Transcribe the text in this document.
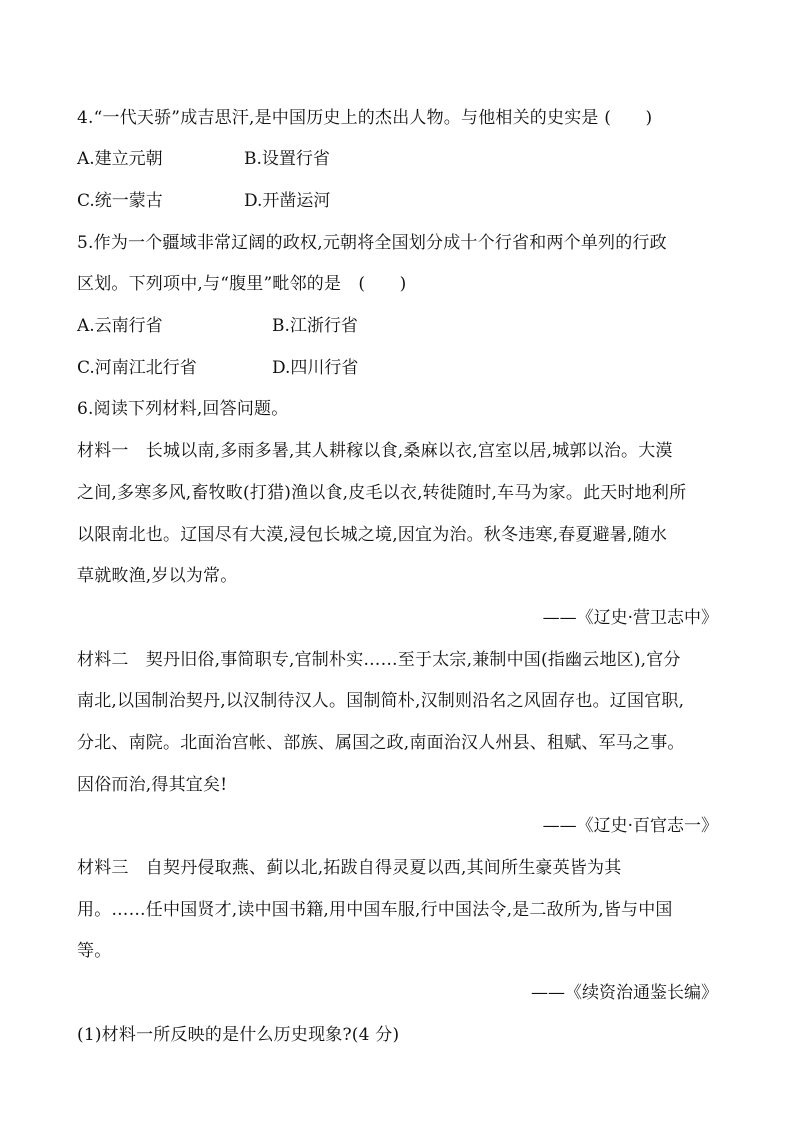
4.“一代天骄”成吉思汗,是中国历史上的杰出人物。与他相关的史实是 (　　)
A.建立元朝	B.设置行省
C.统一蒙古	D.开凿运河
5.作为一个疆域非常辽阔的政权,元朝将全国划分成十个行省和两个单列的行政
区划。下列项中,与“腹里”毗邻的是　(　　)
A.云南行省	B.江浙行省
C.河南江北行省	D.四川行省
6.阅读下列材料,回答问题。
材料一　长城以南,多雨多暑,其人耕稼以食,桑麻以衣,宫室以居,城郭以治。大漠
之间,多寒多风,畜牧畋(打猎)渔以食,皮毛以衣,转徙随时,车马为家。此天时地利所
以限南北也。辽国尽有大漠,浸包长城之境,因宜为治。秋冬违寒,春夏避暑,随水
草就畋渔,岁以为常。
——《辽史·营卫志中》
材料二　契丹旧俗,事简职专,官制朴实……至于太宗,兼制中国(指幽云地区),官分
南北,以国制治契丹,以汉制待汉人。国制简朴,汉制则沿名之风固存也。辽国官职,
分北、南院。北面治宫帐、部族、属国之政,南面治汉人州县、租赋、军马之事。
因俗而治,得其宜矣!
——《辽史·百官志一》
材料三　自契丹侵取燕、蓟以北,拓跋自得灵夏以西,其间所生豪英皆为其
用。……任中国贤才,读中国书籍,用中国车服,行中国法令,是二敌所为,皆与中国
等。
——《续资治通鉴长编》
(1)材料一所反映的是什么历史现象?(4 分)
